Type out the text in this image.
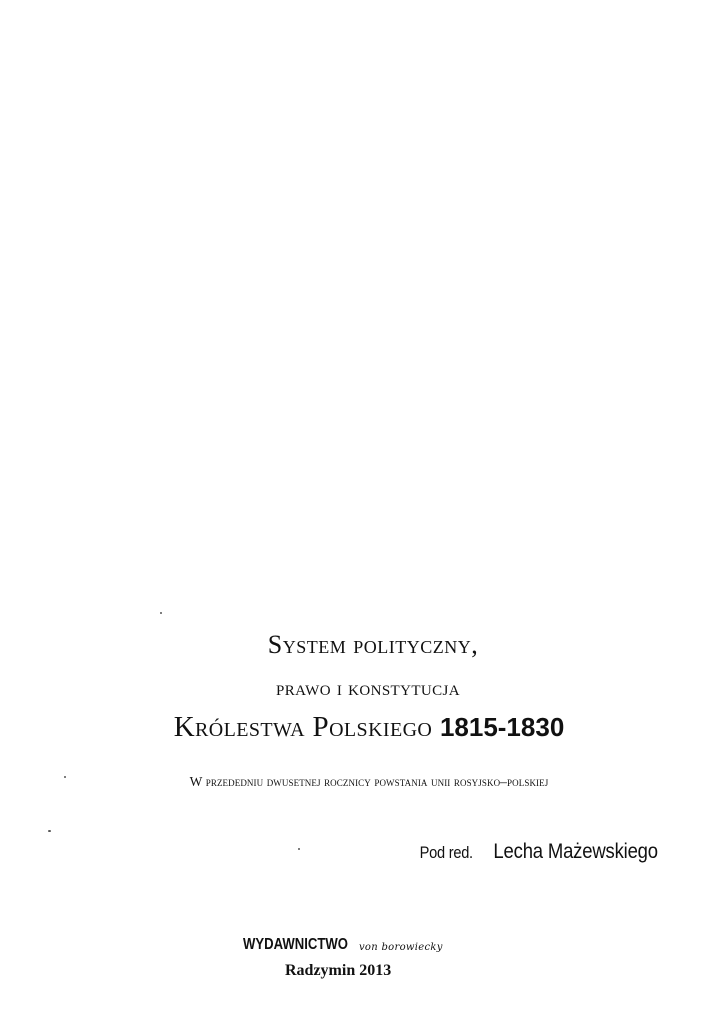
System polityczny,
prawo i konstytucja
Królestwa Polskiego 1815-1830
W przededniu dwusetnej rocznicy powstania unii rosyjsko–polskiej
Pod red. Lecha Mażewskiego
WYDAWNICTWO von borowiecky
Radzymin 2013
